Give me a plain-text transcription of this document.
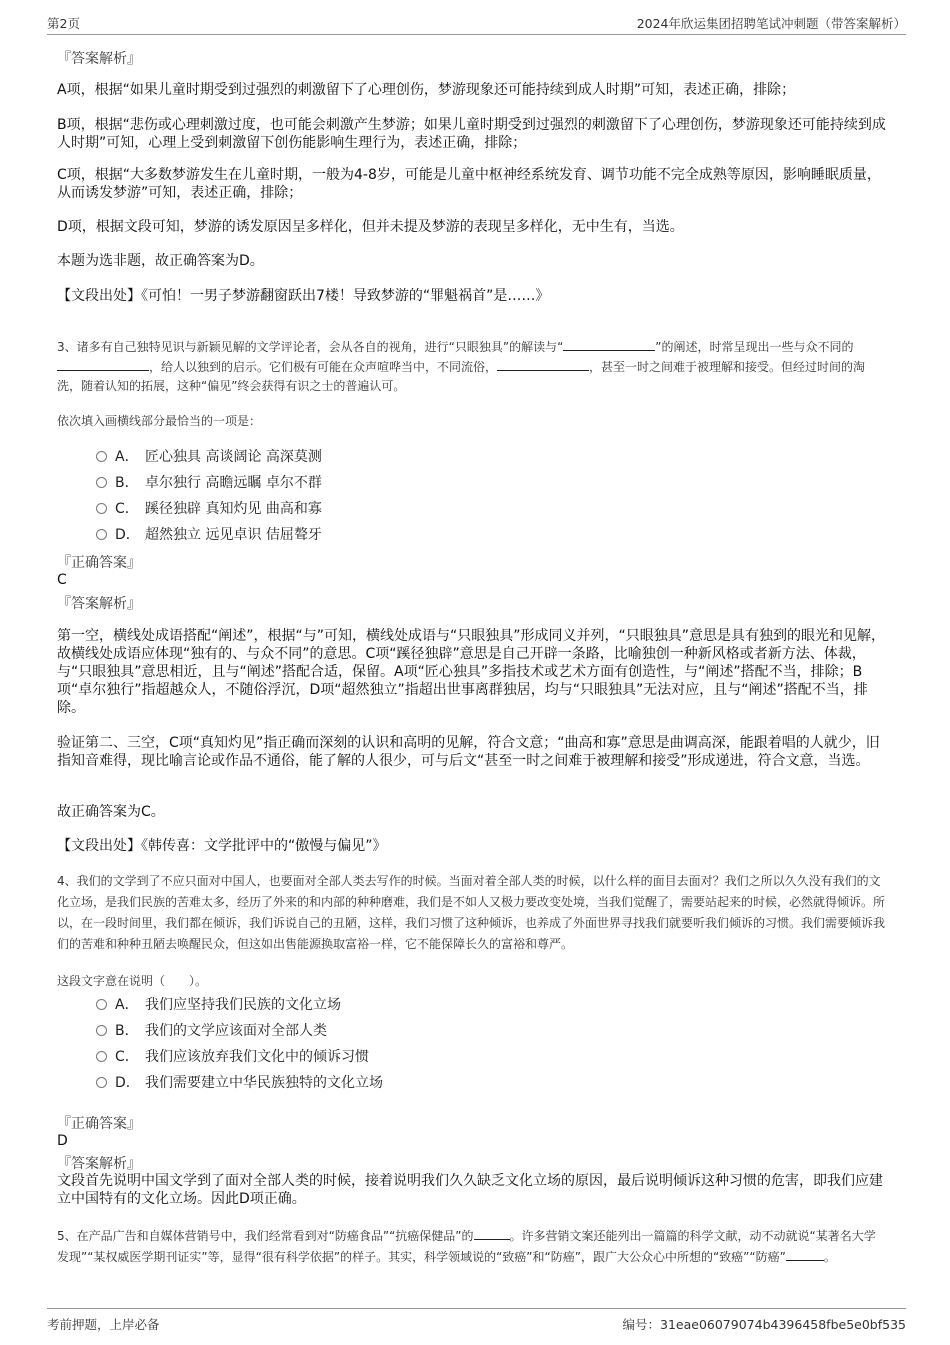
第2页	2024年欣运集团招聘笔试冲刺题（带答案解析）
『答案解析』
A项，根据“如果儿童时期受到过强烈的刺激留下了心理创伤，梦游现象还可能持续到成人时期”可知，表述正确，排除；
B项，根据“悲伤或心理刺激过度，也可能会刺激产生梦游；如果儿童时期受到过强烈的刺激留下了心理创伤，梦游现象还可能持续到成人时期”可知，心理上受到刺激留下创伤能影响生理行为，表述正确，排除；
C项，根据“大多数梦游发生在儿童时期，一般为4-8岁，可能是儿童中枢神经系统发育、调节功能不完全成熟等原因，影响睡眠质量，从而诱发梦游”可知，表述正确，排除；
D项，根据文段可知，梦游的诱发原因呈多样化，但并未提及梦游的表现呈多样化，无中生有，当选。
本题为选非题，故正确答案为D。
【文段出处】《可怕！一男子梦游翻窗跃出7楼！导致梦游的“罪魁祸首”是……》
3、诸多有自己独特见识与新颖见解的文学评论者，会从各自的视角，进行“只眼独具”的解读与“	”的阐述，时常呈现出一些与众不同的，给人以独到的启示。它们极有可能在众声喧哗当中，不同流俗，	，甚至一时之间难于被理解和接受。但经过时间的淘洗，随着认知的拓展，这种“偏见”终会获得有识之士的普遍认可。
依次填入画横线部分最恰当的一项是：
A． 匠心独具 高谈阔论 高深莫测
B． 卓尔独行 高瞻远瞩 卓尔不群
C． 蹊径独辟 真知灼见 曲高和寡
D． 超然独立 远见卓识 佶屈聱牙
『正确答案』
C
『答案解析』
第一空，横线处成语搭配“阐述”，根据“与”可知，横线处成语与“只眼独具”形成同义并列，“只眼独具”意思是具有独到的眼光和见解，故横线处成语应体现“独有的、与众不同”的意思。C项“蹊径独辟”意思是自己开辟一条路，比喻独创一种新风格或者新方法、体裁，与“只眼独具”意思相近，且与“阐述”搭配合适，保留。A项“匠心独具”多指技术或艺术方面有创造性，与“阐述”搭配不当，排除；B项“卓尔独行”指超越众人，不随俗浮沉，D项“超然独立”指超出世事离群独居，均与“只眼独具”无法对应，且与“阐述”搭配不当，排除。
验证第二、三空，C项“真知灼见”指正确而深刻的认识和高明的见解，符合文意；“曲高和寡”意思是曲调高深，能跟着唱的人就少，旧指知音难得，现比喻言论或作品不通俗，能了解的人很少，可与后文“甚至一时之间难于被理解和接受”形成递进，符合文意，当选。
故正确答案为C。
【文段出处】《韩传喜：文学批评中的“傲慢与偏见”》
4、我们的文学到了不应只面对中国人，也要面对全部人类去写作的时候。当面对着全部人类的时候，以什么样的面目去面对？我们之所以久久没有我们的文化立场，是我们民族的苦难太多，经历了外来的和内部的种种磨难，我们是不如人又极力要改变处境，当我们觉醒了，需要站起来的时候，必然就得倾诉。所以，在一段时间里，我们都在倾诉，我们诉说自己的丑陋，这样，我们习惯了这种倾诉，也养成了外面世界寻找我们就要听我们倾诉的习惯。我们需要倾诉我们的苦难和种种丑陋去唤醒民众，但这如出售能源换取富裕一样，它不能保障长久的富裕和尊严。
这段文字意在说明（　　）。
A． 我们应坚持我们民族的文化立场
B． 我们的文学应该面对全部人类
C． 我们应该放弃我们文化中的倾诉习惯
D． 我们需要建立中华民族独特的文化立场
『正确答案』
D
『答案解析』
文段首先说明中国文学到了面对全部人类的时候，接着说明我们久久缺乏文化立场的原因，最后说明倾诉这种习惯的危害，即我们应建立中国特有的文化立场。因此D项正确。
5、在产品广告和自媒体营销号中，我们经常看到对“防癌食品”“抗癌保健品”的	。许多营销文案还能列出一篇篇的科学文献，动不动就说“某著名大学发现”“某权威医学期刊证实”等，显得“很有科学依据”的样子。其实，科学领域说的“致癌”和“防癌”，跟广大公众心中所想的“致癌”“防癌”	。
考前押题，上岸必备	编号：31eae06079074b4396458fbe5e0bf535
